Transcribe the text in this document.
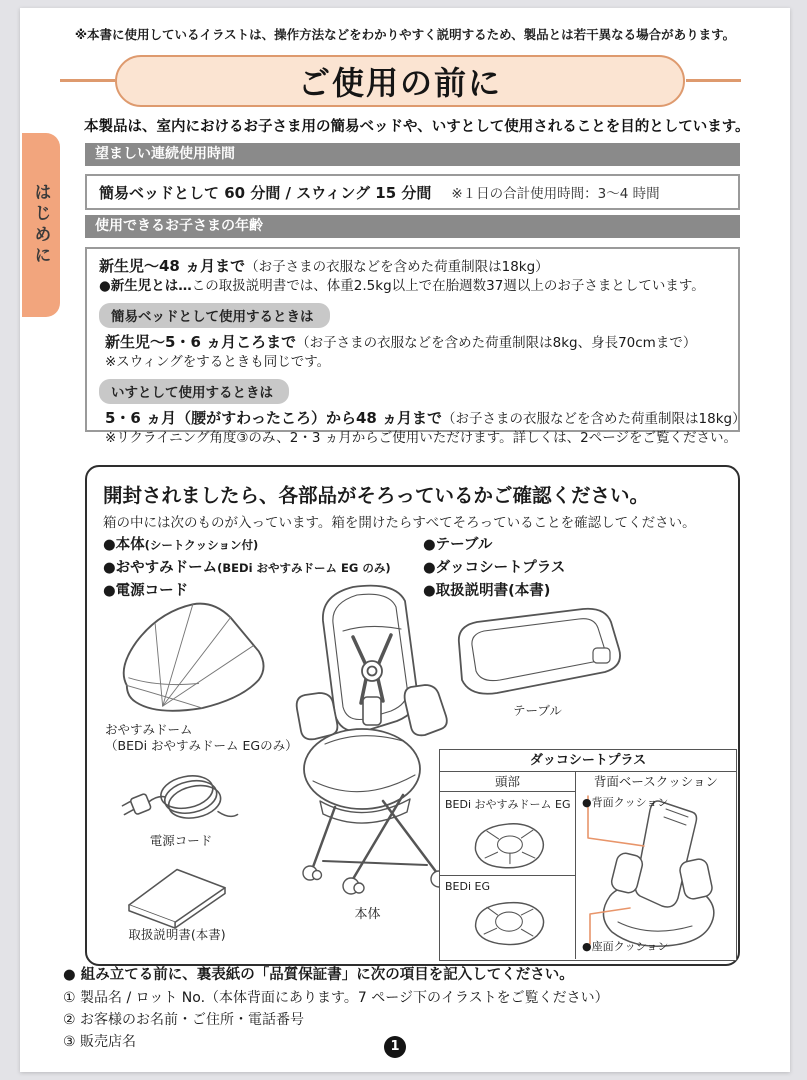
※本書に使用しているイラストは、操作方法などをわかりやすく説明するため、製品とは若干異なる場合があります。
ご使用の前に
はじめに
本製品は、室内におけるお子さま用の簡易ベッドや、いすとして使用されることを目的としています。
望ましい連続使用時間
簡易ベッドとして 60 分間 / スウィング 15 分間 ※１日の合計使用時間：3～4 時間
使用できるお子さまの年齢
新生児～48 ヵ月まで（お子さまの衣服などを含めた荷重制限は18kg）
●新生児とは…この取扱説明書では、体重2.5kg以上で在胎週数37週以上のお子さまとしています。
簡易ベッドとして使用するときは
新生児～5・6 ヵ月ころまで（お子さまの衣服などを含めた荷重制限は8kg、身長70cmまで）
※スウィングをするときも同じです。
いすとして使用するときは
5・6 ヵ月（腰がすわったころ）から48 ヵ月まで（お子さまの衣服などを含めた荷重制限は18kg）
※リクライニング角度③のみ、2・3 ヵ月からご使用いただけます。詳しくは、2ページをご覧ください。
開封されましたら、各部品がそろっているかご確認ください。
箱の中には次のものが入っています。箱を開けたらすべてそろっていることを確認してください。
●本体(シートクッション付)
●おやすみドーム(BEDi おやすみドーム EG のみ)
●電源コード
●テーブル
●ダッコシートプラス
●取扱説明書(本書)
おやすみドーム
（BEDi おやすみドーム EGのみ）
電源コード
取扱説明書(本書)
本体
テーブル
ダッコシートプラス
頭部
BEDi おやすみドーム EG
BEDi EG
背面ベースクッション
●背面クッション
●座面クッション
● 組み立てる前に、裏表紙の「品質保証書」に次の項目を記入してください。
① 製品名 / ロット No.（本体背面にあります。7 ページ下のイラストをご覧ください）
② お客様のお名前・ご住所・電話番号
③ 販売店名	1
